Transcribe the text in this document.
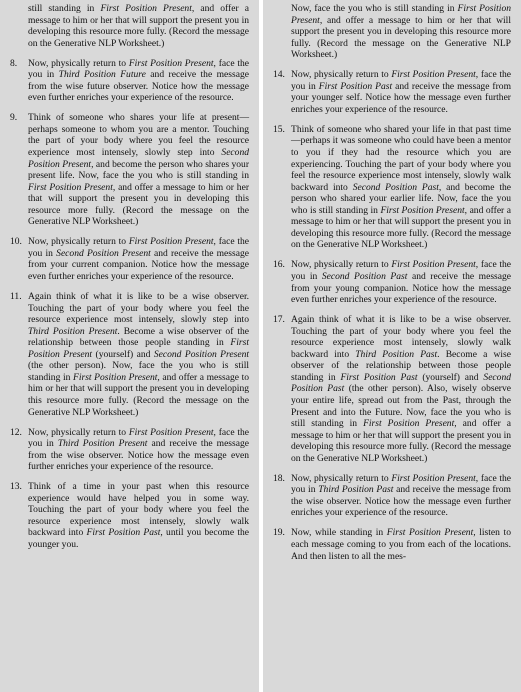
still standing in First Position Present, and offer a message to him or her that will support the present you in developing this resource more fully. (Record the message on the Generative NLP Worksheet.)

8.	Now, physically return to First Position Present, face the you in Third Position Future and receive the message from the wise future observer. Notice how the message even further enriches your experience of the resource.

9.	Think of someone who shares your life at present—perhaps someone to whom you are a mentor. Touching the part of your body where you feel the resource experience most intensely, slowly step into Second Position Present, and become the person who shares your present life. Now, face the you who is still standing in First Position Present, and offer a message to him or her that will support the present you in developing this resource more fully. (Record the message on the Generative NLP Worksheet.)

10. Now, physically return to First Position Present, face the you in Second Position Present and receive the message from your current companion. Notice how the message even further enriches your experience of the resource.

11. Again think of what it is like to be a wise observer. Touching the part of your body where you feel the resource experience most intensely, slowly step into Third Position Present. Become a wise observer of the relationship between those people standing in First Position Present (yourself) and Second Position Present (the other person). Now, face the you who is still standing in First Position Present, and offer a message to him or her that will support the present you in developing this resource more fully. (Record the message on the Generative NLP Worksheet.)

12. Now, physically return to First Position Present, face the you in Third Position Present and receive the message from the wise observer. Notice how the message even further enriches your experience of the resource.

13. Think of a time in your past when this resource experience would have helped you in some way. Touching the part of your body where you feel the resource experience most intensely, slowly walk backward into First Position Past, until you become the younger you.

Now, face the you who is still standing in First Position Present, and offer a message to him or her that will support the present you in developing this resource more fully. (Record the message on the Generative NLP Worksheet.)

14. Now, physically return to First Position Present, face the you in First Position Past and receive the message from your younger self. Notice how the message even further enriches your experience of the resource.

15. Think of someone who shared your life in that past time—perhaps it was someone who could have been a mentor to you if they had the resource which you are experiencing. Touching the part of your body where you feel the resource experience most intensely, slowly walk backward into Second Position Past, and become the person who shared your earlier life. Now, face the you who is still standing in First Position Present, and offer a message to him or her that will support the present you in developing this resource more fully. (Record the message on the Generative NLP Worksheet.)

16. Now, physically return to First Position Present, face the you in Second Position Past and receive the message from your young companion. Notice how the message even further enriches your experience of the resource.

17. Again think of what it is like to be a wise observer. Touching the part of your body where you feel the resource experience most intensely, slowly walk backward into Third Position Past. Become a wise observer of the relationship between those people standing in First Position Past (yourself) and Second Position Past (the other person). Also, wisely observe your entire life, spread out from the Past, through the Present and into the Future. Now, face the you who is still standing in First Position Present, and offer a message to him or her that will support the present you in developing this resource more fully. (Record the message on the Generative NLP Worksheet.)

18. Now, physically return to First Position Present, face the you in Third Position Past and receive the message from the wise observer. Notice how the message even further enriches your experience of the resource.

19. Now, while standing in First Position Present, listen to each message coming to you from each of the locations. And then listen to all the mes-
